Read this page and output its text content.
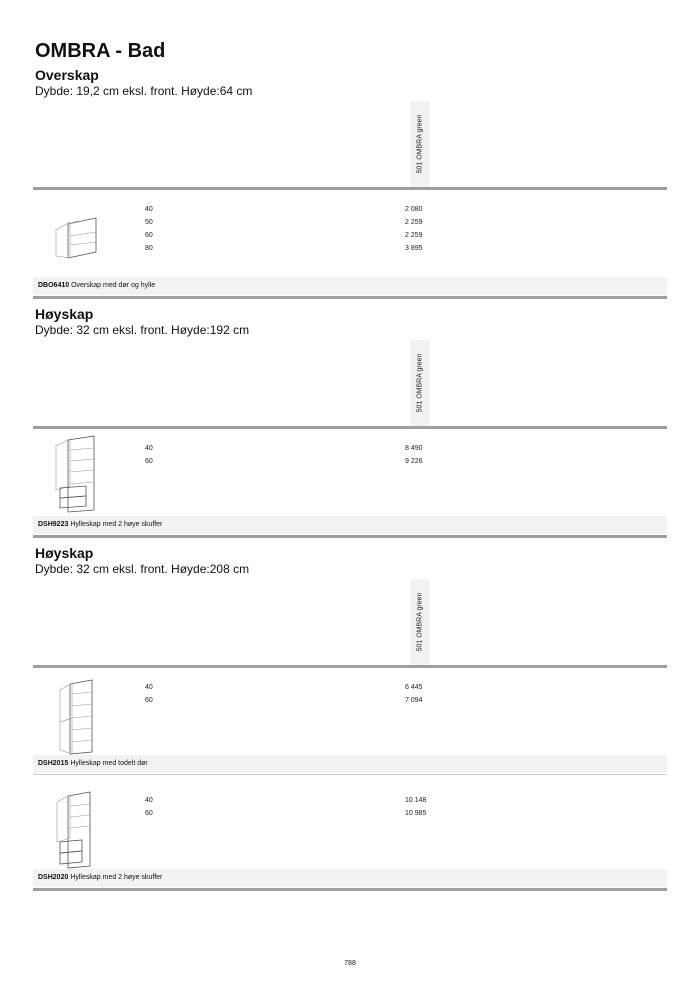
OMBRA - Bad
Overskap
Dybde: 19,2 cm eksl. front. Høyde:64 cm
501 OMBRA green
40
50
60
80
2 080
2 259
2 259
3 895
DBO6410 Overskap med dør og hylle
Høyskap
Dybde: 32 cm eksl. front. Høyde:192 cm
501 OMBRA green
40
60
8 490
9 226
DSH9223 Hylleskap med 2 høye skuffer
Høyskap
Dybde: 32 cm eksl. front. Høyde:208 cm
501 OMBRA green
40
60
6 445
7 094
DSH2015 Hylleskap med todelt dør
40
60
10 148
10 985
DSH2020 Hylleskap med 2 høye skuffer
788
